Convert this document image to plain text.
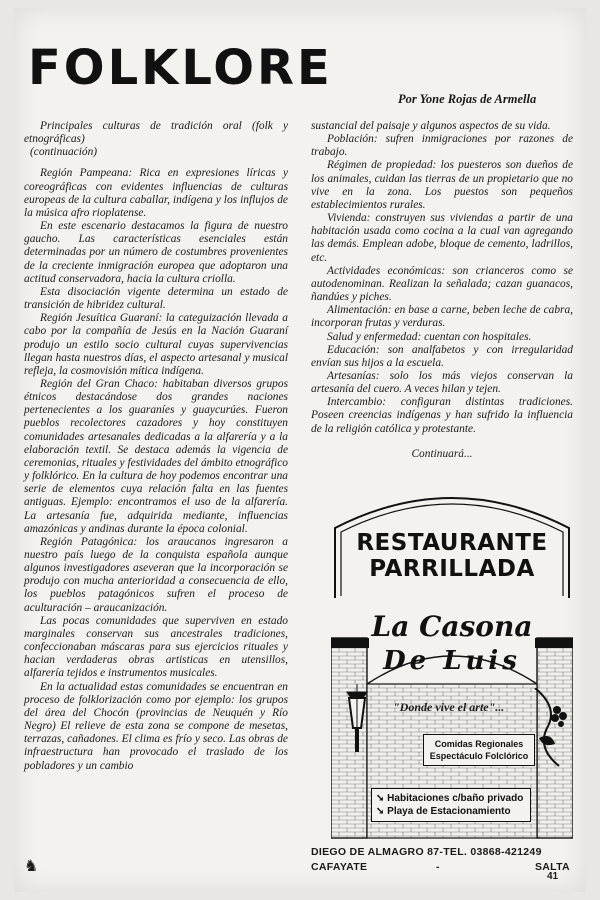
FOLKLORE
Por Yone Rojas de Armella

Principales culturas de tradición oral (folk y etnográficas)

(continuación)

Región Pampeana: Rica en expresiones líricas y coreográficas con evidentes influencias de culturas europeas de la cultura caballar, indígena y los influjos de la música afro rioplatense.

En este escenario destacamos la figura de nuestro gaucho. Las características esenciales están determinadas por un número de costumbres provenientes de la creciente inmigración europea que adoptaron una actitud conservadora, hacia la cultura criolla.

Esta disociación vigente determina un estado de transición de hibridez cultural.

Región Jesuítica Guaraní: la categuización llevada a cabo por la compañía de Jesús en la Nación Guaraní produjo un estilo socio cultural cuyas supervivencias llegan hasta nuestros días, el aspecto artesanal y musical refleja, la cosmovisión mítica indígena.

Región del Gran Chaco: habitaban diversos grupos étnicos destacándose dos grandes naciones pertenecientes a los guaraníes y guaycurúes. Fueron pueblos recolectores cazadores y hoy constituyen comunidades artesanales dedicadas a la alfarería y a la elaboración textil. Se destaca además la vigencia de ceremonias, rituales y festividades del ámbito etnográfico y folklórico. En la cultura de hoy podemos encontrar una serie de elementos cuya relación falta en las fuentes antiguas. Ejemplo: encontramos el uso de la alfarería. La artesanía fue, adquirida mediante, influencias amazónicas y andinas durante la época colonial.

Región Patagónica: los araucanos ingresaron a nuestro país luego de la conquista española aunque algunos investigadores aseveran que la incorporación se produjo con mucha anterioridad a consecuencia de ello, los pueblos patagónicos sufren el proceso de aculturación – araucanización.

Las pocas comunidades que superviven en estado marginales conservan sus ancestrales tradiciones, confeccionaban máscaras para sus ejercicios rituales y hacian verdaderas obras artisticas en utensillos, alfarería tejidos e instrumentos musicales.

En la actualidad estas comunidades se encuentran en proceso de folklorización como por ejemplo: los grupos del área del Chocón (provincias de Neuquén y Río Negro) El relieve de esta zona se compone de mesetas, terrazas, cañadones. El clima es frío y seco. Las obras de infraestructura han provocado el traslado de los pobladores y un cambio

sustancial del paisaje y algunos aspectos de su vida.

Población: sufren inmigraciones por razones de trabajo.

Régimen de propiedad: los puesteros son dueños de los animales, cuidan las tierras de un propietario que no vive en la zona. Los puestos son pequeños establecimientos rurales.

Vivienda: construyen sus viviendas a partir de una habitación usada como cocina a la cual van agregando las demás. Emplean adobe, bloque de cemento, ladrillos, etc.

Actividades económicas: son crianceros como se autodenominan. Realizan la señalada; cazan guanacos, ñandúes y piches.

Alimentación: en base a carne, beben leche de cabra, incorporan frutas y verduras.

Salud y enfermedad: cuentan con hospitales.

Educación: son analfabetos y con irregularidad envían sus hijos a la escuela.

Artesanías: solo los más viejos conservan la artesanía del cuero. A veces hilan y tejen.

Intercambio: configuran distintas tradiciones. Poseen creencias indígenas y han sufrido la influencia de la religión católica y protestante.

Continuará...

RESTAURANTE
PARRILLADA
La Casona
De Luis
"Donde vive el arte"...
Comidas Regionales
Espectáculo Folclórico
➘ Habitaciones c/baño privado
➘ Playa de Estacionamiento
DIEGO DE ALMAGRO 87-TEL. 03868-421249
CAFAYATE	-	SALTA
41
♞
